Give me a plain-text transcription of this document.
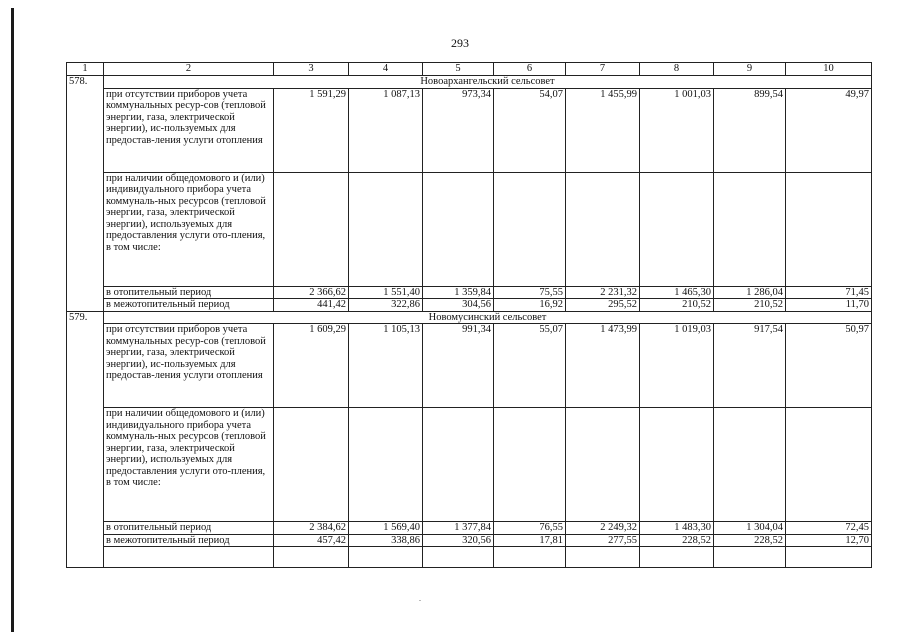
293
1	2	3	4	5	6	7	8	9	10
578.	Новоархангельский сельсовет								
	при отсутствии приборов учета коммунальных ресур-сов (тепловой энергии, газа, электрической энергии), ис-пользуемых для предостав-ления услуги отопления	1 591,29	1 087,13	973,34	54,07	1 455,99	1 001,03	899,54	49,97
	при наличии общедомового и (или) индивидуального прибора учета коммуналь-ных ресурсов (тепловой энергии, газа, электрической энергии), используемых для предоставления услуги ото-пления, в том числе:								
	в отопительный период	2 366,62	1 551,40	1 359,84	75,55	2 231,32	1 465,30	1 286,04	71,45
	в межотопительный период	441,42	322,86	304,56	16,92	295,52	210,52	210,52	11,70
579.	Новомусинский сельсовет								
	при отсутствии приборов учета коммунальных ресур-сов (тепловой энергии, газа, электрической энергии), ис-пользуемых для предостав-ления услуги отопления	1 609,29	1 105,13	991,34	55,07	1 473,99	1 019,03	917,54	50,97
	при наличии общедомового и (или) индивидуального прибора учета коммуналь-ных ресурсов (тепловой энергии, газа, электрической энергии), используемых для предоставления услуги ото-пления, в том числе:								
	в отопительный период	2 384,62	1 569,40	1 377,84	76,55	2 249,32	1 483,30	1 304,04	72,45
	в межотопительный период	457,42	338,86	320,56	17,81	277,55	228,52	228,52	12,70
